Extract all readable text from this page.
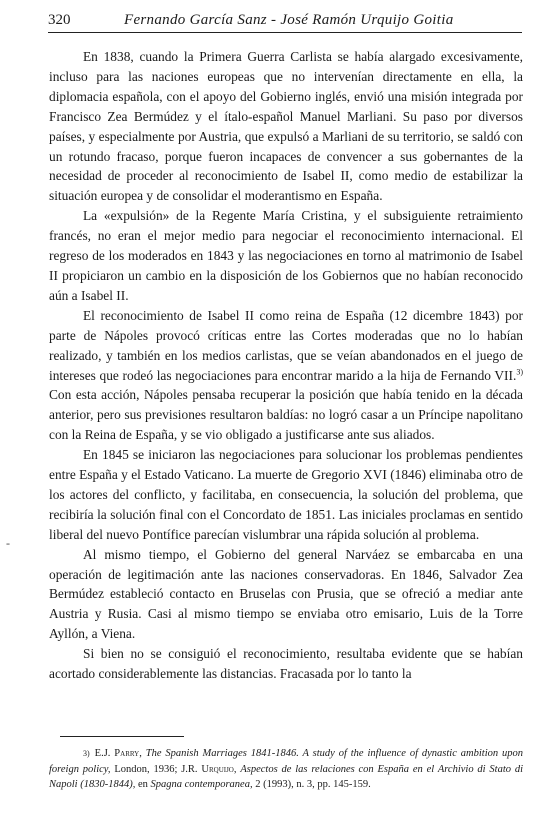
320	Fernando García Sanz - José Ramón Urquijo Goitia

En 1838, cuando la Primera Guerra Carlista se había alargado excesivamente, incluso para las naciones europeas que no intervenían directamente en ella, la diplomacia española, con el apoyo del Gobierno inglés, envió una misión integrada por Francisco Zea Bermúdez y el ítalo-español Manuel Marliani. Su paso por diversos países, y especialmente por Austria, que expulsó a Marliani de su territorio, se saldó con un rotundo fracaso, porque fueron incapaces de convencer a sus gobernantes de la necesidad de proceder al reconocimiento de Isabel II, como medio de estabilizar la situación europea y de consolidar el moderantismo en España.

La «expulsión» de la Regente María Cristina, y el subsiguiente retraimiento francés, no eran el mejor medio para negociar el reconocimiento internacional. El regreso de los moderados en 1843 y las negociaciones en torno al matrimonio de Isabel II propiciaron un cambio en la disposición de los Gobiernos que no habían reconocido aún a Isabel II.

El reconocimiento de Isabel II como reina de España (12 dicembre 1843) por parte de Nápoles provocó críticas entre las Cortes moderadas que no lo habían realizado, y también en los medios carlistas, que se veían abandonados en el juego de intereses que rodeó las negociaciones para encontrar marido a la hija de Fernando VII.$^{3)}$ Con esta acción, Nápoles pensaba recuperar la posición que había tenido en la década anterior, pero sus previsiones resultaron baldías: no logró casar a un Príncipe napolitano con la Reina de España, y se vio obligado a justificarse ante sus aliados.

En 1845 se iniciaron las negociaciones para solucionar los problemas pendientes entre España y el Estado Vaticano. La muerte de Gregorio XVI (1846) eliminaba otro de los actores del conflicto, y facilitaba, en consecuencia, la solución del problema, que recibiría la solución final con el Concordato de 1851. Las iniciales proclamas en sentido liberal del nuevo Pontífice parecían vislumbrar una rápida solución al problema.

Al mismo tiempo, el Gobierno del general Narváez se embarcaba en una operación de legitimación ante las naciones conservadoras. En 1846, Salvador Zea Bermúdez estableció contacto en Bruselas con Prusia, que se ofreció a mediar ante Austria y Rusia. Casi al mismo tiempo se enviaba otro emisario, Luis de la Torre Ayllón, a Viena.

Si bien no se consiguió el reconocimiento, resultaba evidente que se habían acortado considerablemente las distancias. Fracasada por lo tanto la

-
3) E.J. Parry, The Spanish Marriages 1841-1846. A study of the influence of dynastic ambition upon foreign policy, London, 1936; J.R. Urquijo, Aspectos de las relaciones con España en el Archivio di Stato di Napoli (1830-1844), en Spagna contemporanea, 2 (1993), n. 3, pp. 145-159.
